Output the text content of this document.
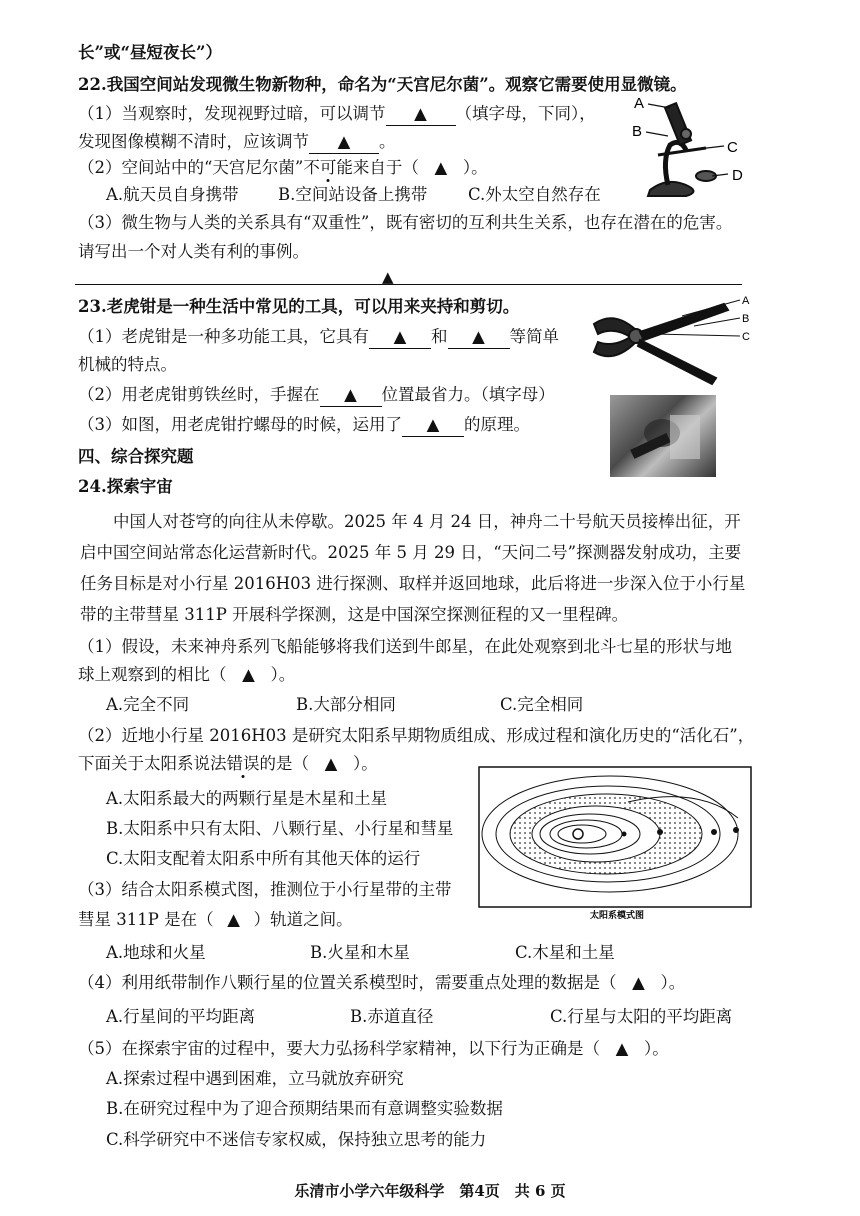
长”或“昼短夜长”）
22.我国空间站发现微生物新物种，命名为“天宫尼尔菌”。观察它需要使用显微镜。
（1）当观察时，发现视野过暗，可以调节 ▲ （填字母，下同），
发现图像模糊不清时，应该调节 ▲ 。
（2）空间站中的“天宫尼尔菌”不可能来自于（ ▲ ）。
A.航天员自身携带 B.空间站设备上携带 C.外太空自然存在
（3）微生物与人类的关系具有“双重性”，既有密切的互利共生关系，也存在潜在的危害。
请写出一个对人类有利的事例。
▲
A
B
C
D
23.老虎钳是一种生活中常见的工具，可以用来夹持和剪切。
（1）老虎钳是一种多功能工具，它具有 ▲ 和 ▲ 等简单
机械的特点。
（2）用老虎钳剪铁丝时，手握在 ▲ 位置最省力。（填字母）
（3）如图，用老虎钳拧螺母的时候，运用了 ▲ 的原理。
A
B
C
四、综合探究题
24.探索宇宙
中国人对苍穹的向往从未停歇。2025 年 4 月 24 日，神舟二十号航天员接棒出征，开启中国空间站常态化运营新时代。2025 年 5 月 29 日，“天问二号”探测器发射成功，主要任务目标是对小行星 2016H03 进行探测、取样并返回地球，此后将进一步深入位于小行星带的主带彗星 311P 开展科学探测，这是中国深空探测征程的又一里程碑。
（1）假设，未来神舟系列飞船能够将我们送到牛郎星，在此处观察到北斗七星的形状与地
球上观察到的相比（ ▲ ）。
A.完全不同	B.大部分相同	C.完全相同
（2）近地小行星 2016H03 是研究太阳系早期物质组成、形成过程和演化历史的“活化石”，
下面关于太阳系说法错误的是（ ▲ ）。
A.太阳系最大的两颗行星是木星和土星
B.太阳系中只有太阳、八颗行星、小行星和彗星
C.太阳支配着太阳系中所有其他天体的运行
（3）结合太阳系模式图，推测位于小行星带的主带
彗星 311P 是在（ ▲ ）轨道之间。
A.地球和火星	B.火星和木星	C.木星和土星
太阳系模式图
（4）利用纸带制作八颗行星的位置关系模型时，需要重点处理的数据是（ ▲ ）。
A.行星间的平均距离	B.赤道直径	C.行星与太阳的平均距离
（5）在探索宇宙的过程中，要大力弘扬科学家精神，以下行为正确是（ ▲ ）。
A.探索过程中遇到困难，立马就放弃研究
B.在研究过程中为了迎合预期结果而有意调整实验数据
C.科学研究中不迷信专家权威，保持独立思考的能力
乐清市小学六年级科学　第4页　共 6 页
